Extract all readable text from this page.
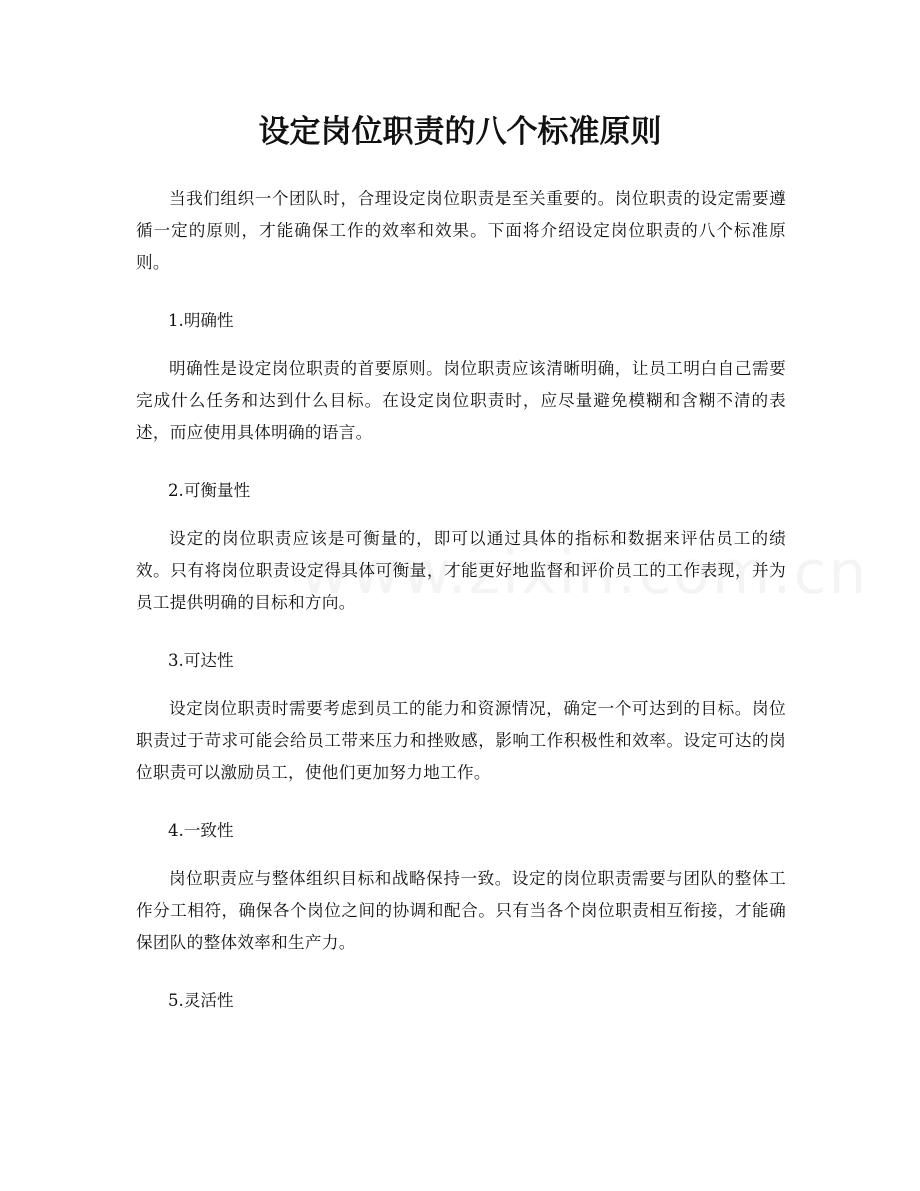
设定岗位职责的八个标准原则

当我们组织一个团队时，合理设定岗位职责是至关重要的。岗位职责的设定需要遵循一定的原则，才能确保工作的效率和效果。下面将介绍设定岗位职责的八个标准原则。

1.明确性

明确性是设定岗位职责的首要原则。岗位职责应该清晰明确，让员工明白自己需要完成什么任务和达到什么目标。在设定岗位职责时，应尽量避免模糊和含糊不清的表述，而应使用具体明确的语言。

2.可衡量性

设定的岗位职责应该是可衡量的，即可以通过具体的指标和数据来评估员工的绩效。只有将岗位职责设定得具体可衡量，才能更好地监督和评价员工的工作表现，并为员工提供明确的目标和方向。

3.可达性

设定岗位职责时需要考虑到员工的能力和资源情况，确定一个可达到的目标。岗位职责过于苛求可能会给员工带来压力和挫败感，影响工作积极性和效率。设定可达的岗位职责可以激励员工，使他们更加努力地工作。

4.一致性

岗位职责应与整体组织目标和战略保持一致。设定的岗位职责需要与团队的整体工作分工相符，确保各个岗位之间的协调和配合。只有当各个岗位职责相互衔接，才能确保团队的整体效率和生产力。

5.灵活性
